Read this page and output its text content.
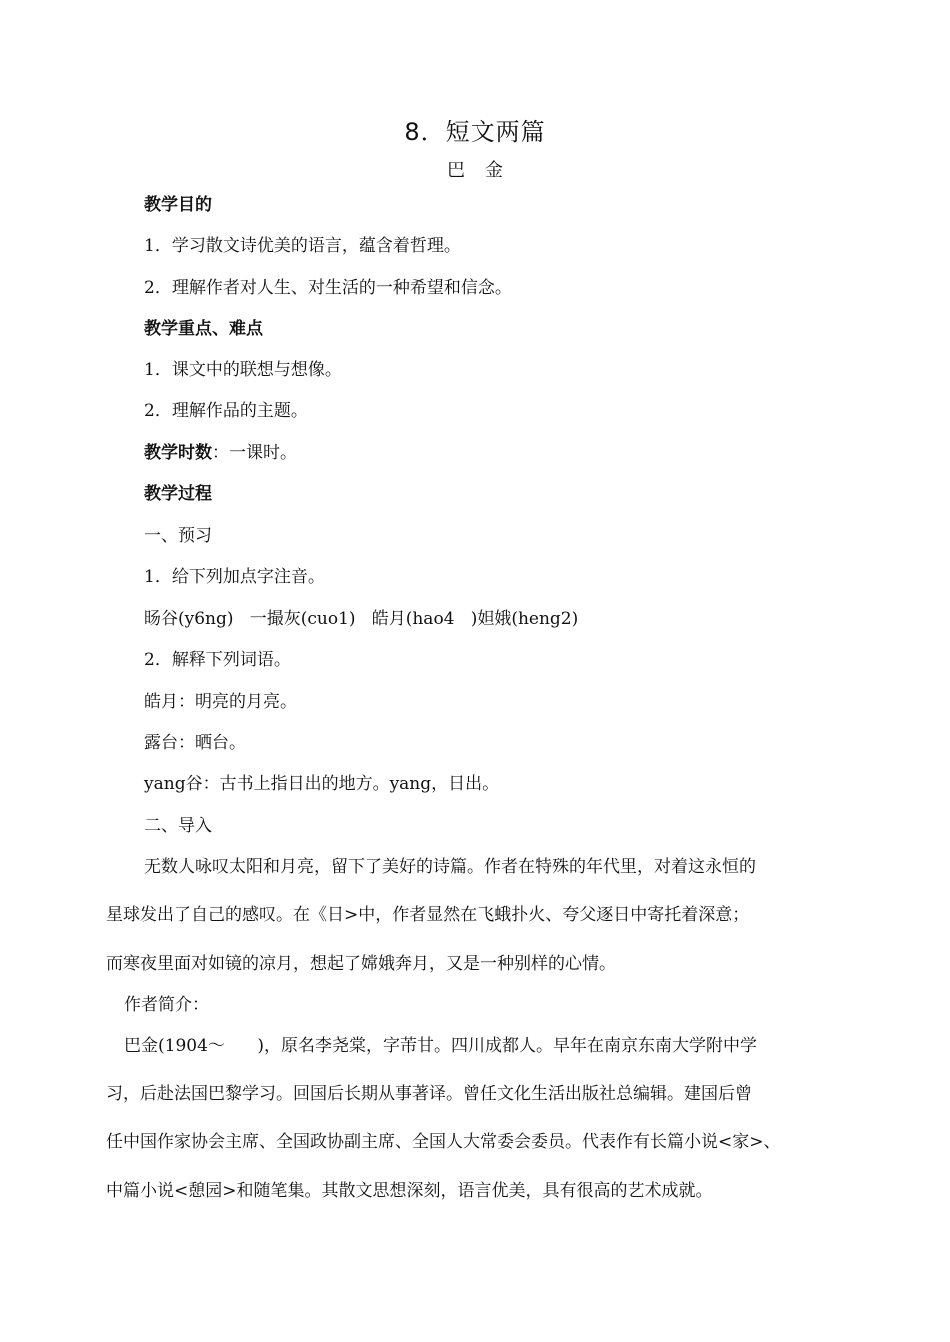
8．短文两篇
巴金
教学目的
1．学习散文诗优美的语言，蕴含着哲理。
2．理解作者对人生、对生活的一种希望和信念。
教学重点、难点
1．课文中的联想与想像。
2．理解作品的主题。
教学时数：一课时。
教学过程
一、预习
1．给下列加点字注音。
旸谷(y6ng)   一撮灰(cuo1)   皓月(hao4   )妲娥(heng2)
2．解释下列词语。
皓月：明亮的月亮。
露台：晒台。
yang谷：古书上指日出的地方。yang，日出。
二、导入
无数人咏叹太阳和月亮，留下了美好的诗篇。作者在特殊的年代里，对着这永恒的
星球发出了自己的感叹。在《日>中，作者显然在飞蛾扑火、夸父逐日中寄托着深意；
而寒夜里面对如镜的凉月，想起了嫦娥奔月，又是一种别样的心情。
作者简介：
巴金(1904～      )，原名李尧棠，字芾甘。四川成都人。早年在南京东南大学附中学
习，后赴法国巴黎学习。回国后长期从事著译。曾任文化生活出版社总编辑。建国后曾
任中国作家协会主席、全国政协副主席、全国人大常委会委员。代表作有长篇小说<家>、
中篇小说<憩园>和随笔集。其散文思想深刻，语言优美，具有很高的艺术成就。
